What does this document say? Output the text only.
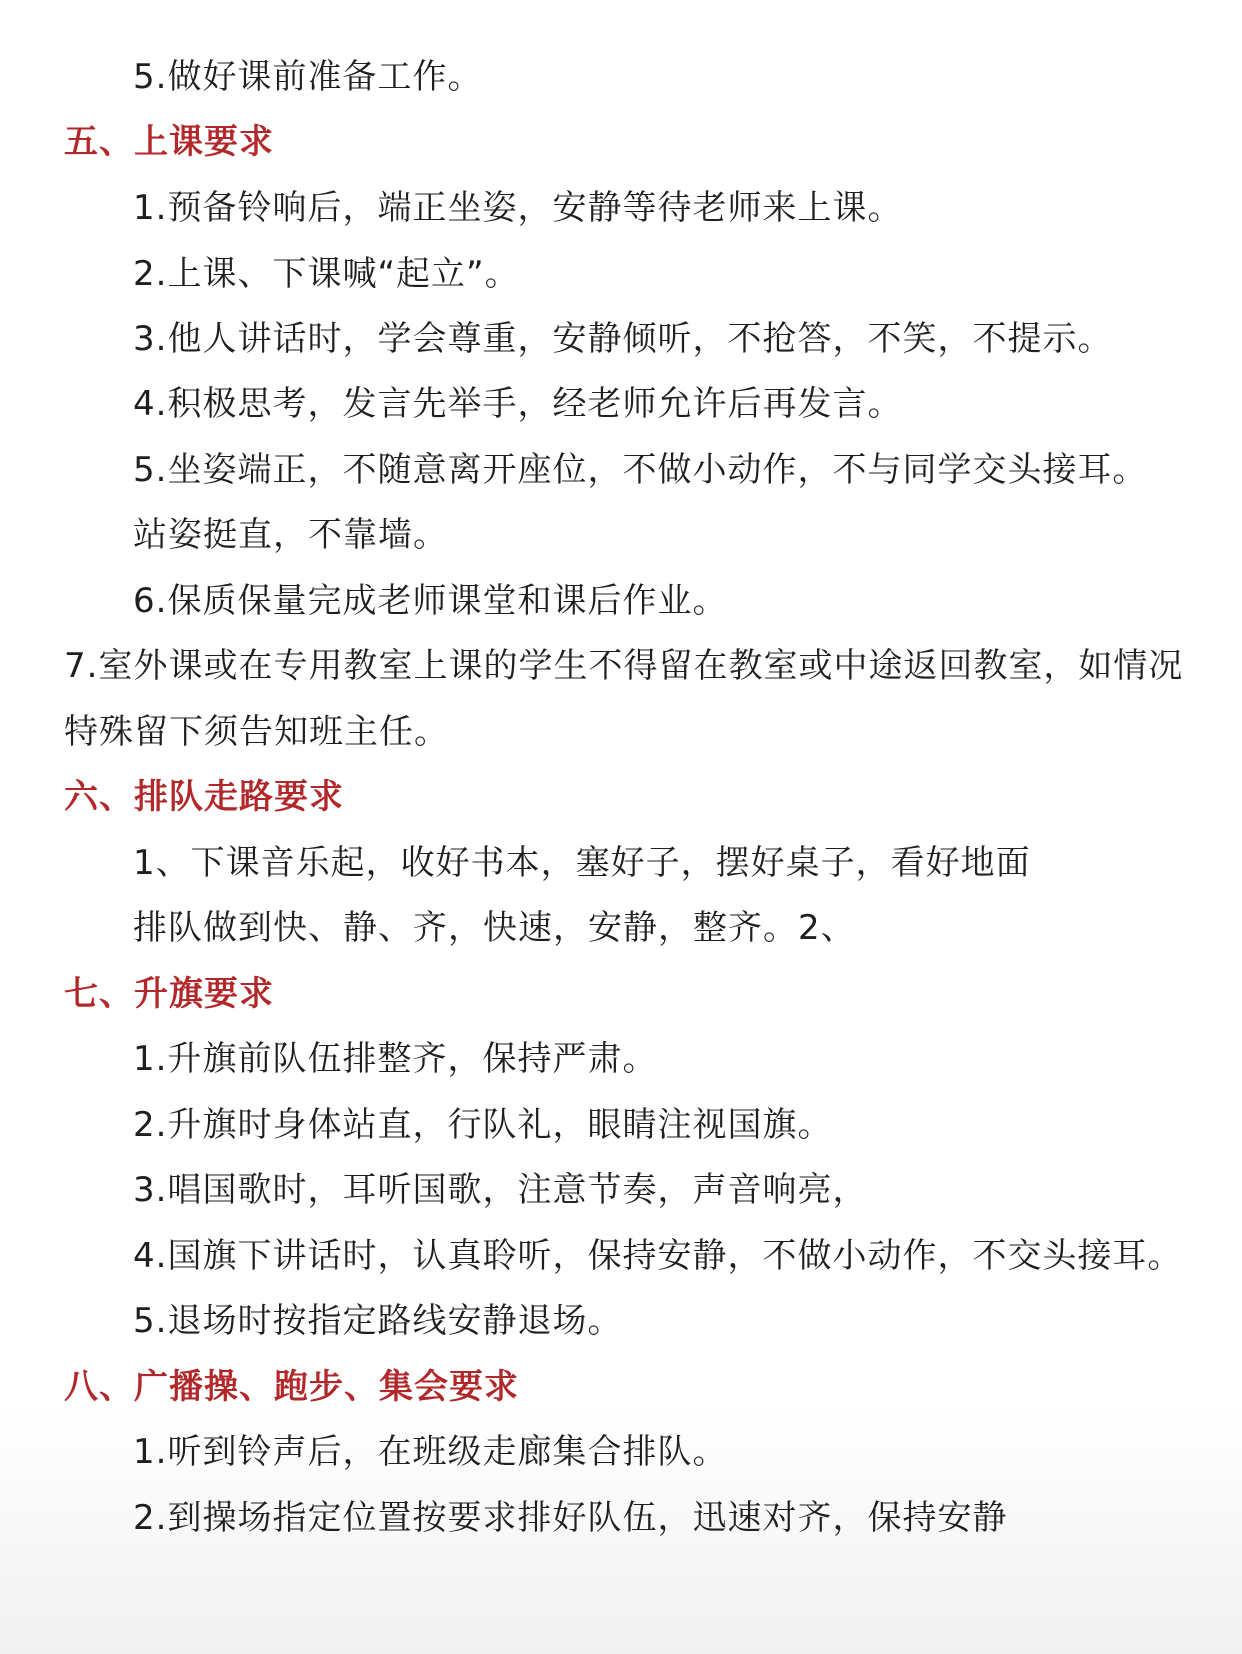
5.做好课前准备工作。
五、上课要求
1.预备铃响后，端正坐姿，安静等待老师来上课。
2.上课、下课喊“起立”。
3.他人讲话时，学会尊重，安静倾听，不抢答，不笑，不提示。
4.积极思考，发言先举手，经老师允许后再发言。
5.坐姿端正，不随意离开座位，不做小动作，不与同学交头接耳。
站姿挺直，不靠墙。
6.保质保量完成老师课堂和课后作业。
7.室外课或在专用教室上课的学生不得留在教室或中途返回教室，如情况
特殊留下须告知班主任。
六、排队走路要求
1、下课音乐起，收好书本，塞好子，摆好桌子，看好地面
排队做到快、静、齐，快速，安静，整齐。2、
七、升旗要求
1.升旗前队伍排整齐，保持严肃。
2.升旗时身体站直，行队礼，眼睛注视国旗。
3.唱国歌时，耳听国歌，注意节奏，声音响亮，
4.国旗下讲话时，认真聆听，保持安静，不做小动作，不交头接耳。
5.退场时按指定路线安静退场。
八、广播操、跑步、集会要求
1.听到铃声后，在班级走廊集合排队。
2.到操场指定位置按要求排好队伍，迅速对齐，保持安静
